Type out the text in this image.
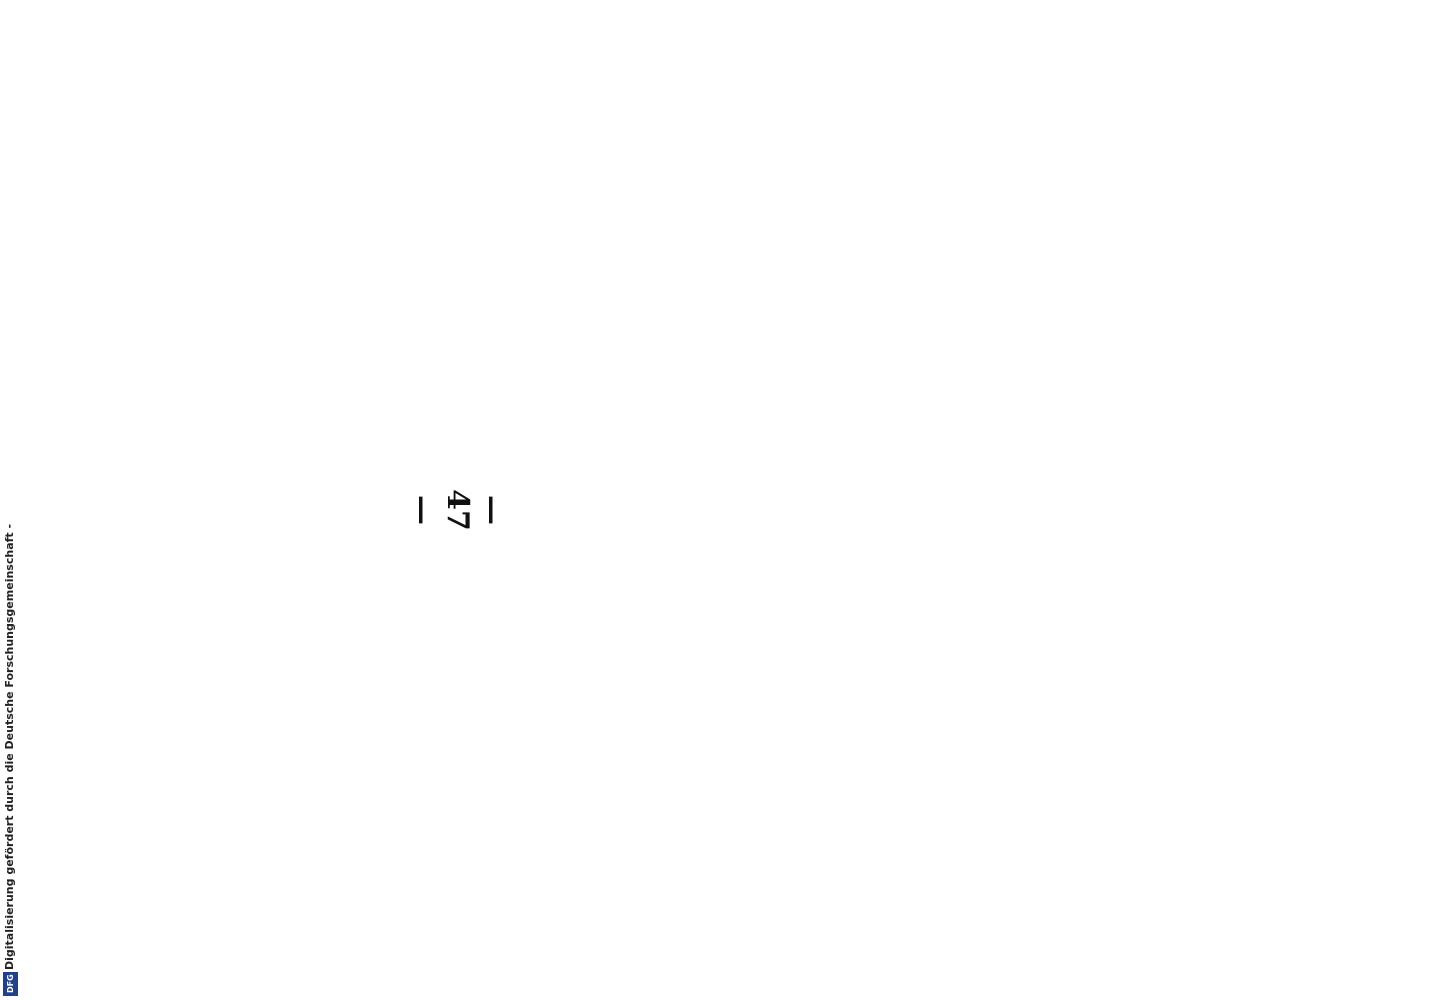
— 47 —

Digitalisierung gefördert durch die Deutsche Forschungsgemeinschaft -
DFG
